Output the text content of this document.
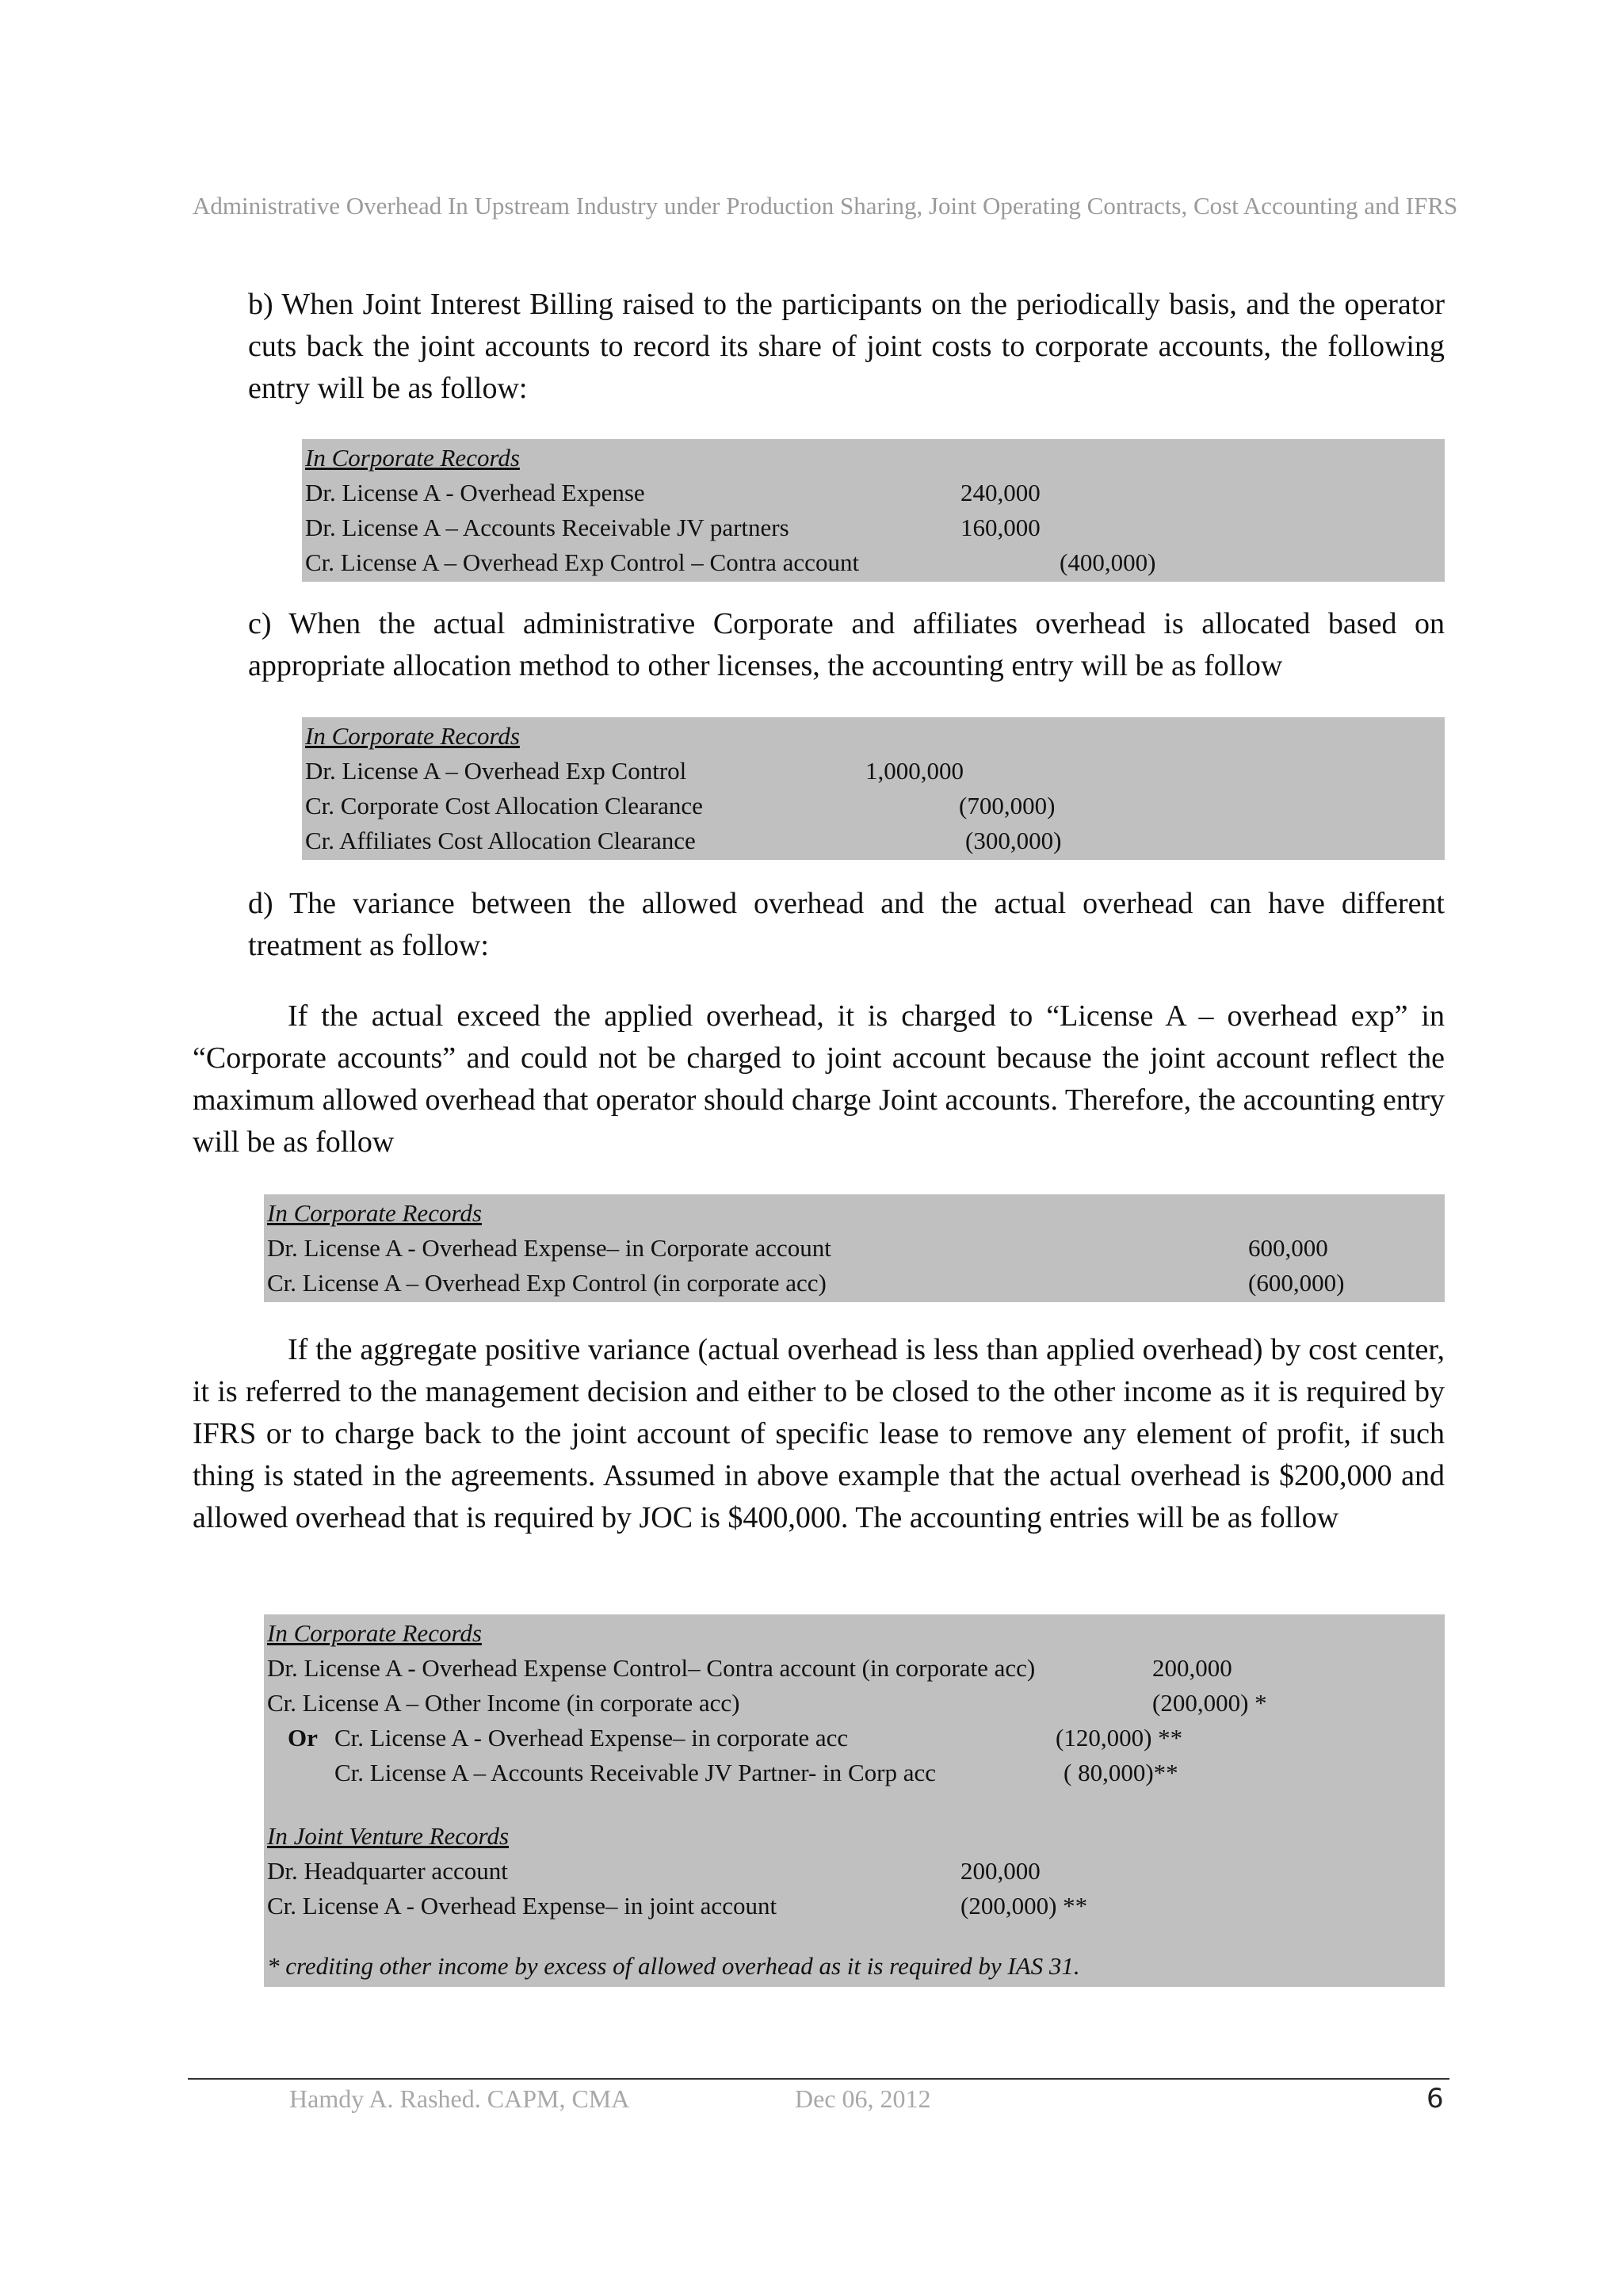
Administrative Overhead In Upstream Industry under Production Sharing, Joint Operating Contracts, Cost Accounting and IFRS
b) When Joint Interest Billing raised to the participants on the periodically basis, and the operator cuts back the joint accounts to record its share of joint costs to corporate accounts, the following entry will be as follow:
In Corporate Records
Dr. License A - Overhead Expense	240,000
Dr. License A – Accounts Receivable JV partners	160,000
Cr. License A – Overhead Exp Control – Contra account	(400,000)
c) When the actual administrative Corporate and affiliates overhead is allocated based on appropriate allocation method to other licenses, the accounting entry will be as follow
In Corporate Records
Dr. License A – Overhead Exp Control	1,000,000
Cr. Corporate Cost Allocation Clearance	(700,000)
Cr. Affiliates Cost Allocation Clearance	(300,000)
d) The variance between the allowed overhead and the actual overhead can have different treatment as follow:
If the actual exceed the applied overhead, it is charged to “License A – overhead exp” in “Corporate accounts” and could not be charged to joint account because the joint account reflect the maximum allowed overhead that operator should charge Joint accounts. Therefore, the accounting entry will be as follow
In Corporate Records
Dr. License A - Overhead Expense– in Corporate account	600,000
Cr. License A – Overhead Exp Control (in corporate acc)	(600,000)
If the aggregate positive variance (actual overhead is less than applied overhead) by cost center, it is referred to the management decision and either to be closed to the other income as it is required by IFRS or to charge back to the joint account of specific lease to remove any element of profit, if such thing is stated in the agreements. Assumed in above example that the actual overhead is $200,000 and allowed overhead that is required by JOC is $400,000. The accounting entries will be as follow
In Corporate Records
Dr. License A - Overhead Expense Control– Contra account (in corporate acc)	200,000
Cr. License A – Other Income (in corporate acc)	(200,000) *
Or Cr. License A - Overhead Expense– in corporate acc	(120,000) **
Cr. License A – Accounts Receivable JV Partner- in Corp acc	( 80,000)**
In Joint Venture Records
Dr. Headquarter account	200,000
Cr. License A - Overhead Expense– in joint account	(200,000) **
* crediting other income by excess of allowed overhead as it is required by IAS 31.
Hamdy A. Rashed. CAPM, CMA	Dec 06, 2012	6
